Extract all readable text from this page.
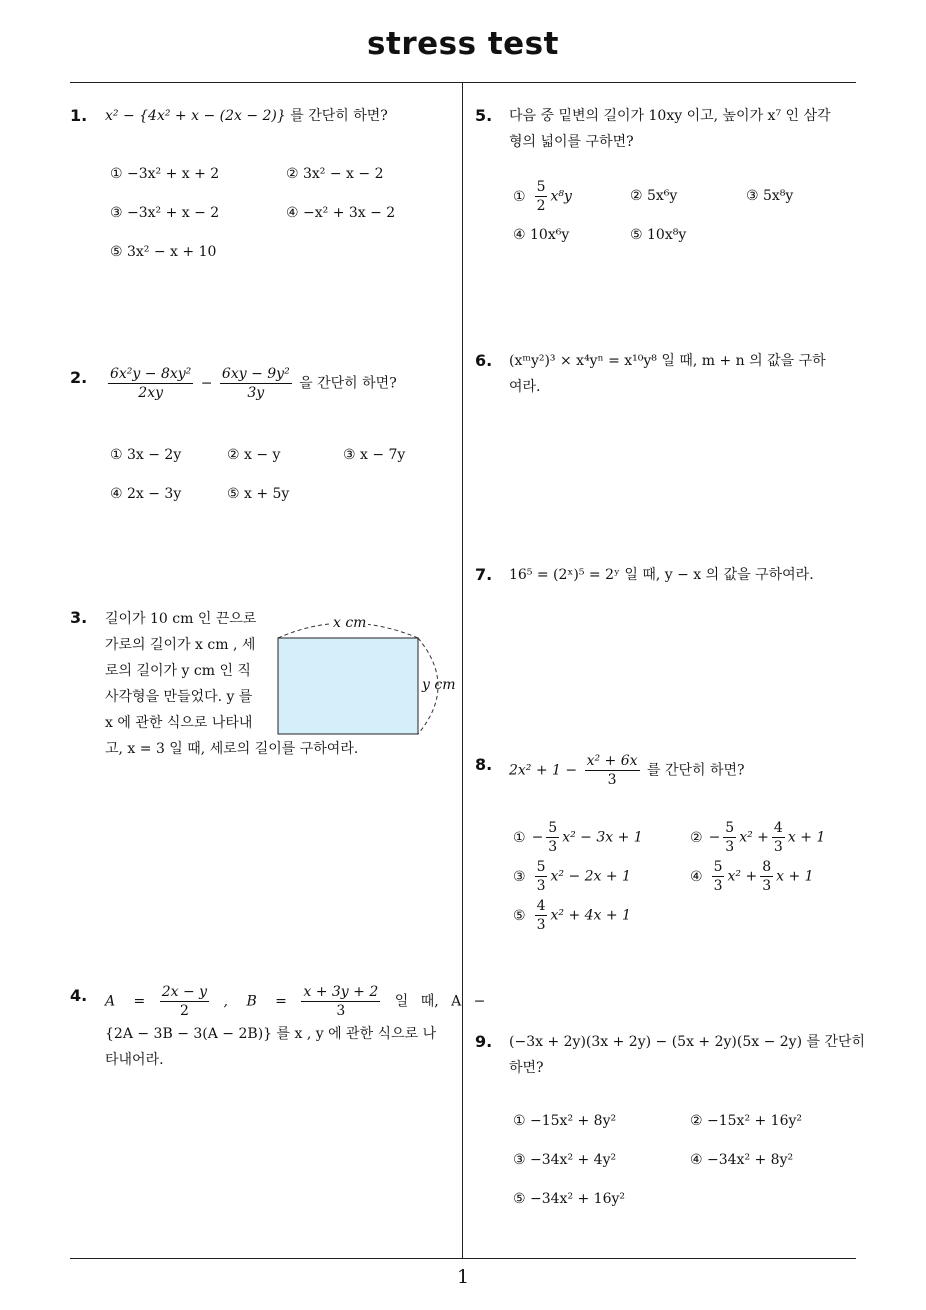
stress test
1
1. x² − {4x² + x − (2x − 2)} 를 간단히 하면?
① −3x² + x + 2	② 3x² − x − 2
③ −3x² + x − 2	④ −x² + 3x − 2
⑤ 3x² − x + 10
2. $\frac{\text{6x²y − 8xy²}}{2xy} - \frac{\text{6xy − 9y²}}{3y}$ 을 간단히 하면?
① 3x − 2y	② x − y	③ x − 7y
④ 2x − 3y	⑤ x + 5y
3. 길이가 10 cm 인 끈으로
가로의 길이가 x cm , 세
로의 길이가 y cm 인 직
사각형을 만들었다. y 를
x 에 관한 식으로 나타내
고, x = 3 일 때, 세로의 길이를 구하여라.
x cm
y cm
4. $A = \frac{2x - y}{2}$ , $B = \frac{x + 3y + 2}{3}$ 일 때, A −
{2A − 3B − 3(A − 2B)} 를 x , y 에 관한 식으로 나
타내어라.
5. 다음 중 밑변의 길이가 10xy 이고, 높이가 x⁷ 인 삼각
형의 넓이를 구하면?
① $\frac{5}{2} x^8y$	② 5x⁶y	③ 5x⁸y
④ 10x⁶y	⑤ 10x⁸y
6. (xᵐy²)³ × x⁴yⁿ = x¹⁰y⁸ 일 때, m + n 의 값을 구하
여라.
7. 16⁵ = (2ˣ)⁵ = 2ʸ 일 때, y − x 의 값을 구하여라.
8. $2x^2 + 1 - \frac{\text{x² + 6x}}{3}$ 를 간단히 하면?
① − $\frac{5}{3} x^2 - 3x + 1$	② − $\frac{5}{3} x^2 + \frac{4}{3}$ x + 1
③ $\frac{5}{3} x^2 - 2x + 1$	④ $\frac{5}{3} x^2 + \frac{8}{3}$ x + 1
⑤ $\frac{4}{3} x^2 + 4x + 1$
9. (−3x + 2y)(3x + 2y) − (5x + 2y)(5x − 2y) 를 간단히
하면?
① −15x² + 8y²	② −15x² + 16y²
③ −34x² + 4y²	④ −34x² + 8y²
⑤ −34x² + 16y²
